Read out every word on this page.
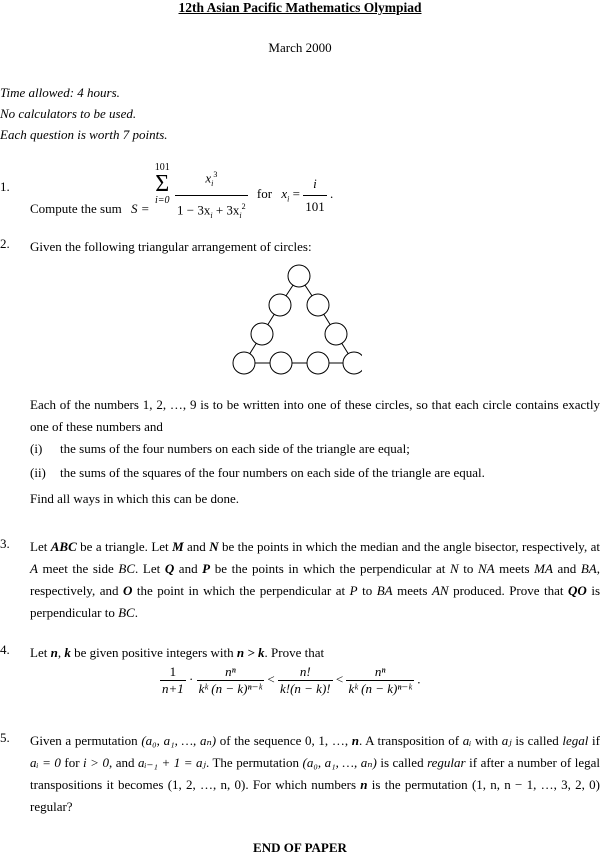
12th Asian Pacific Mathematics Olympiad
March 2000
Time allowed: 4 hours.
No calculators to be used.
Each question is worth 7 points.
1.
Compute the sum S =
101
Σ
i=0
$\frac{x_i^3}{1 - 3x_i + 3x_i^2}$ for $x_i = \frac{i}{101}$ .
2. Given the following triangular arrangement of circles:
Each of the numbers 1, 2, …, 9 is to be written into one of these circles, so that each circle contains exactly one of these numbers and
(i) the sums of the four numbers on each side of the triangle are equal;
(ii) the sums of the squares of the four numbers on each side of the triangle are equal.
Find all ways in which this can be done.
3. Let ABC be a triangle. Let M and N be the points in which the median and the angle bisector, respectively, at A meet the side BC. Let Q and P be the points in which the perpendicular at N to NA meets MA and BA, respectively, and O the point in which the perpendicular at P to BA meets AN produced. Prove that QO is perpendicular to BC.
4. Let n, k be given positive integers with n > k. Prove that
$\frac{1}{n+1} \cdot \frac{\text{nⁿ}}{\text{kᵏ (n − k)ⁿ⁻ᵏ}} < \frac{n!}{k!(n - k)!} < \frac{\text{nⁿ}}{\text{kᵏ (n − k)ⁿ⁻ᵏ}}$ .
5. Given a permutation (a₀, a₁, …, aₙ) of the sequence 0, 1, …, n. A transposition of aᵢ with aⱼ is called legal if aᵢ = 0 for i > 0, and aᵢ₋₁ + 1 = aⱼ. The permutation (a₀, a₁, …, aₙ) is called regular if after a number of legal transpositions it becomes (1, 2, …, n, 0). For which numbers n is the permutation (1, n, n − 1, …, 3, 2, 0) regular?
END OF PAPER
